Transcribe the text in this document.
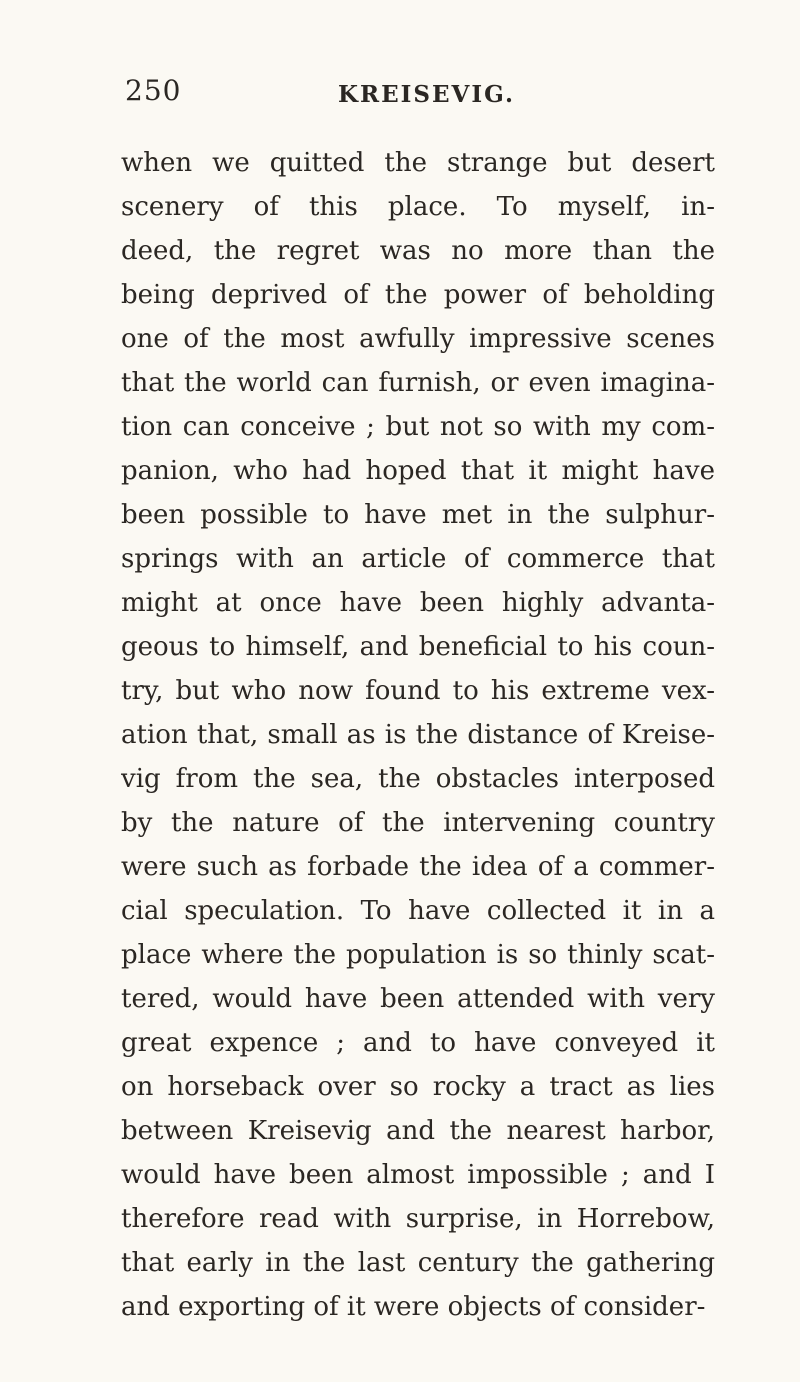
250	KREISEVIG.
when we quitted the strange but desert
scenery of this place. To myself, in-
deed, the regret was no more than the
being deprived of the power of beholding
one of the most awfully impressive scenes
that the world can furnish, or even imagina-
tion can conceive ; but not so with my com-
panion, who had hoped that it might have
been possible to have met in the sulphur-
springs with an article of commerce that
might at once have been highly advanta-
geous to himself, and beneficial to his coun-
try, but who now found to his extreme vex-
ation that, small as is the distance of Kreise-
vig from the sea, the obstacles interposed
by the nature of the intervening country
were such as forbade the idea of a commer-
cial speculation. To have collected it in a
place where the population is so thinly scat-
tered, would have been attended with very
great expence ; and to have conveyed it
on horseback over so rocky a tract as lies
between Kreisevig and the nearest harbor,
would have been almost impossible ; and I
therefore read with surprise, in Horrebow,
that early in the last century the gathering
and exporting of it were objects of consider-
